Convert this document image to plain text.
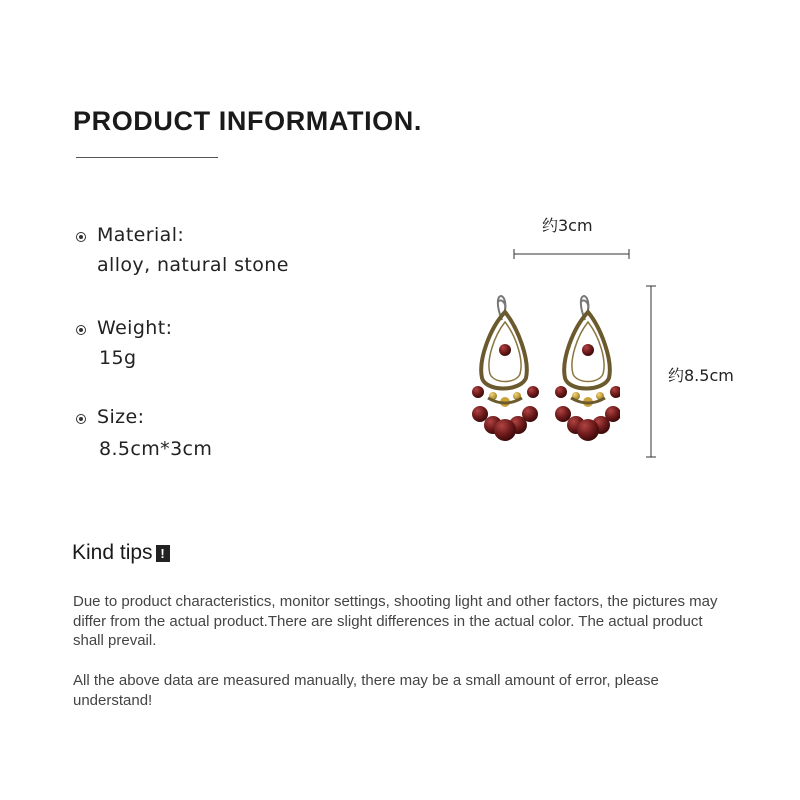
PRODUCT INFORMATION.
Material:
alloy, natural stone
Weight:
15g
Size:
8.5cm*3cm
约3cm
约8.5cm
Kind tips !
Due to product characteristics, monitor settings, shooting light and other factors, the pictures may differ from the actual product.There are slight differences in the actual color. The actual product shall prevail.
All the above data are measured manually, there may be a small amount of error, please understand!
